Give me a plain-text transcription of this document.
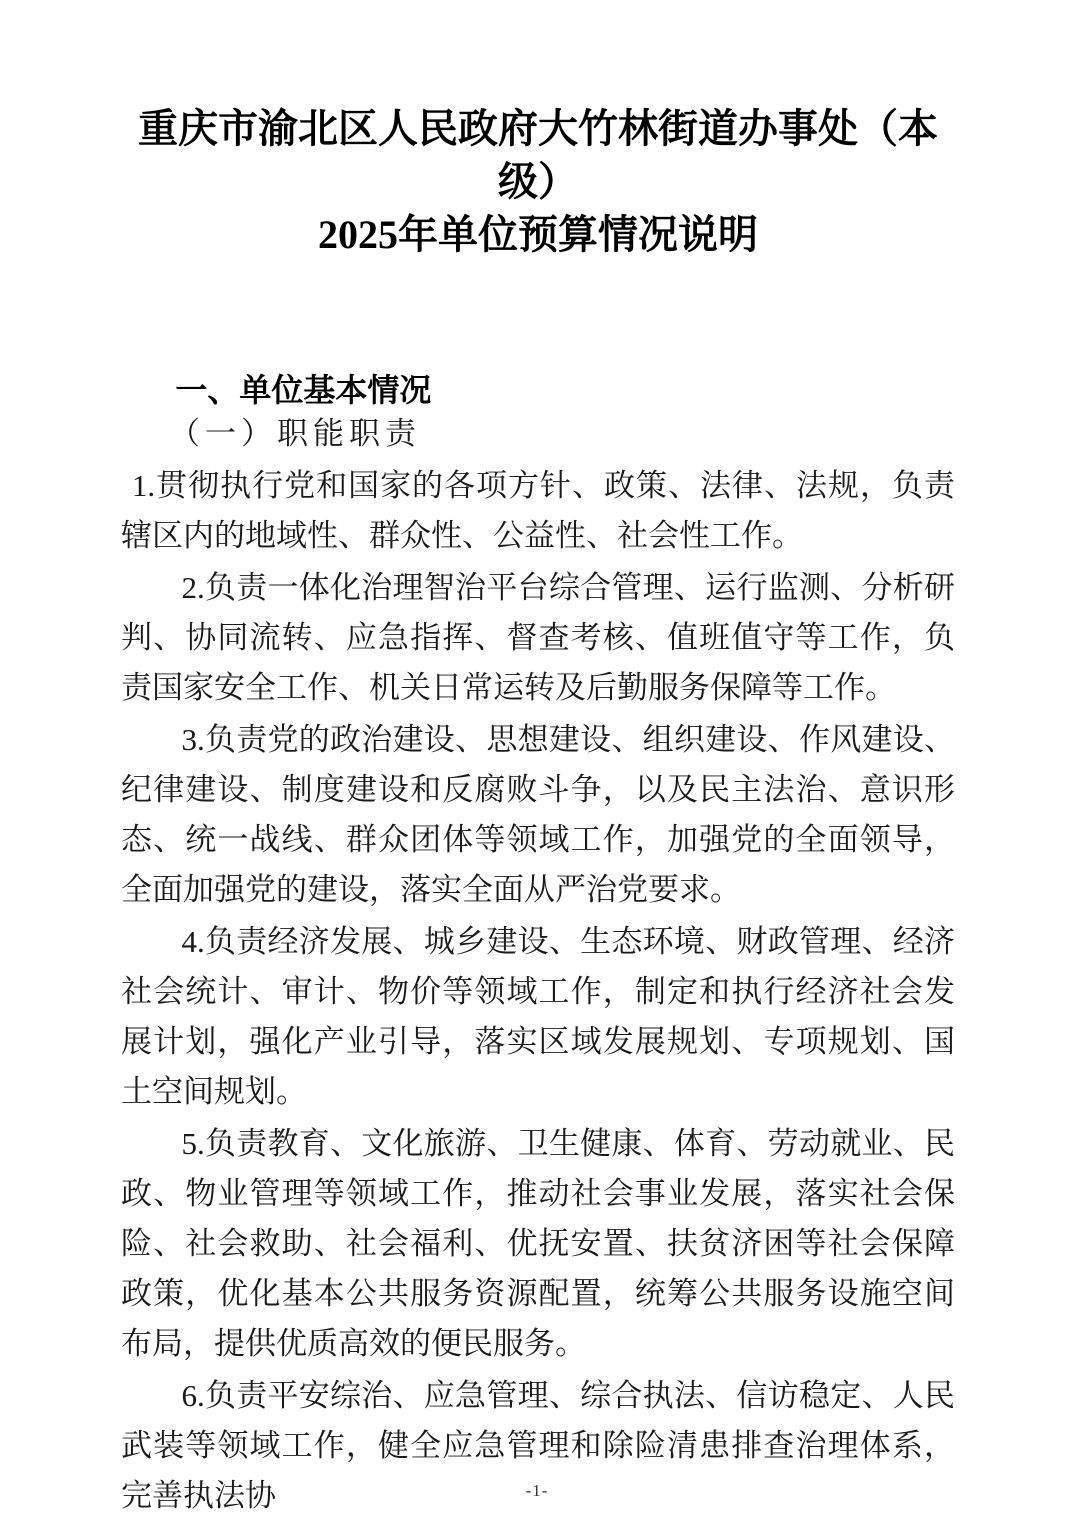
重庆市渝北区人民政府大竹林街道办事处（本级）
2025年单位预算情况说明
一、单位基本情况
（一）职能职责

1.贯彻执行党和国家的各项方针、政策、法律、法规，负责辖区内的地域性、群众性、公益性、社会性工作。

2.负责一体化治理智治平台综合管理、运行监测、分析研判、协同流转、应急指挥、督查考核、值班值守等工作，负责国家安全工作、机关日常运转及后勤服务保障等工作。

3.负责党的政治建设、思想建设、组织建设、作风建设、纪律建设、制度建设和反腐败斗争，以及民主法治、意识形态、统一战线、群众团体等领域工作，加强党的全面领导，全面加强党的建设，落实全面从严治党要求。

4.负责经济发展、城乡建设、生态环境、财政管理、经济社会统计、审计、物价等领域工作，制定和执行经济社会发展计划，强化产业引导，落实区域发展规划、专项规划、国土空间规划。

5.负责教育、文化旅游、卫生健康、体育、劳动就业、民政、物业管理等领域工作，推动社会事业发展，落实社会保险、社会救助、社会福利、优抚安置、扶贫济困等社会保障政策，优化基本公共服务资源配置，统筹公共服务设施空间布局，提供优质高效的便民服务。

6.负责平安综治、应急管理、综合执法、信访稳定、人民武装等领域工作，健全应急管理和除险清患排查治理体系，完善执法协	-1-
